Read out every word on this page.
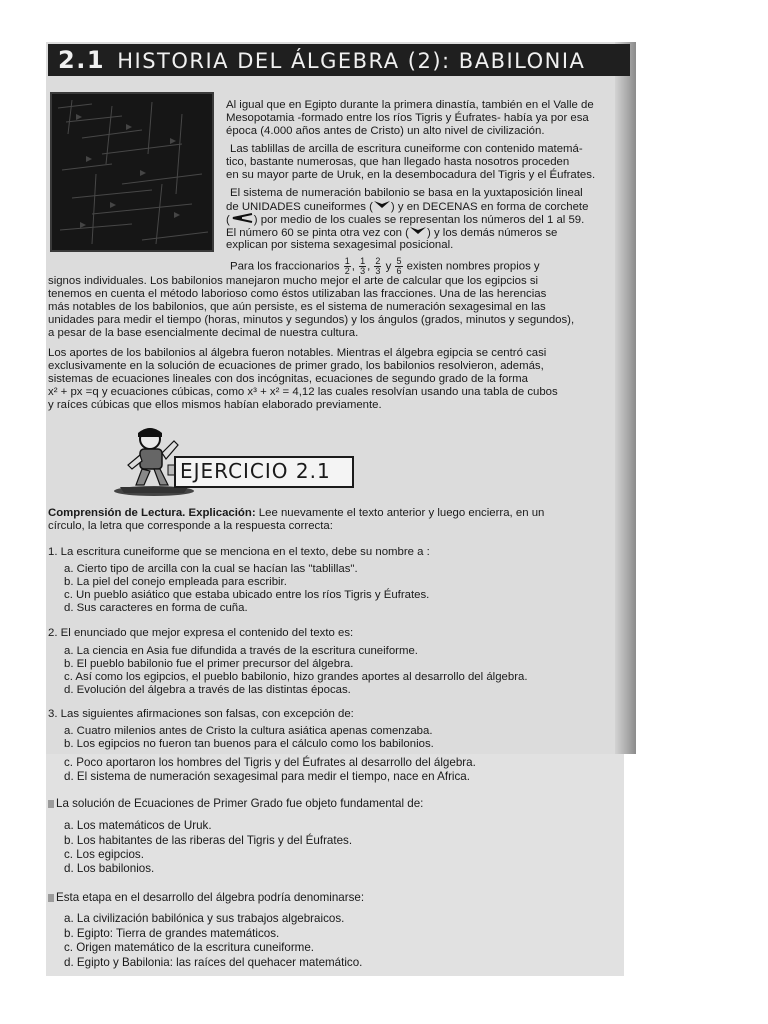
2.1 HISTORIA DEL ÁLGEBRA (2): BABILONIA
Al igual que en Egipto durante la primera dinastía, también en el Valle de
Mesopotamia -formado entre los ríos Tigris y Éufrates- había ya por esa
época (4.000 años antes de Cristo) un alto nivel de civilización.
Las tablillas de arcilla de escritura cuneiforme con contenido matemá-
tico, bastante numerosas, que han llegado hasta nosotros proceden
en su mayor parte de Uruk, en la desembocadura del Tigris y el Éufrates.
El sistema de numeración babilonio se basa en la yuxtaposición lineal
de UNIDADES cuneiformes ( ) y en DECENAS en forma de corchete
( ) por medio de los cuales se representan los números del 1 al 59.
El número 60 se pinta otra vez con ( ) y los demás números se
explican por sistema sexagesimal posicional.
Para los fraccionarios $\frac{1}{2}$ , $\frac{1}{3}$ , $\frac{2}{3}$ y $\frac{5}{6}$ existen nombres propios y
signos individuales. Los babilonios manejaron mucho mejor el arte de calcular que los egipcios si
tenemos en cuenta el método laborioso como éstos utilizaban las fracciones. Una de las herencias
más notables de los babilonios, que aún persiste, es el sistema de numeración sexagesimal en las
unidades para medir el tiempo (horas, minutos y segundos) y los ángulos (grados, minutos y segundos),
a pesar de la base esencialmente decimal de nuestra cultura.
Los aportes de los babilonios al álgebra fueron notables. Mientras el álgebra egipcia se centró casi
exclusivamente en la solución de ecuaciones de primer grado, los babilonios resolvieron, además,
sistemas de ecuaciones lineales con dos incógnitas, ecuaciones de segundo grado de la forma
x² + px =q y ecuaciones cúbicas, como x³ + x² = 4,12 las cuales resolvían usando una tabla de cubos
y raíces cúbicas que ellos mismos habían elaborado previamente.
EJERCICIO 2.1
Comprensión de Lectura. Explicación: Lee nuevamente el texto anterior y luego encierra, en un
círculo, la letra que corresponde a la respuesta correcta:
1. La escritura cuneiforme que se menciona en el texto, debe su nombre a :
a. Cierto tipo de arcilla con la cual se hacían las "tablillas".
b. La piel del conejo empleada para escribir.
c. Un pueblo asiático que estaba ubicado entre los ríos Tigris y Éufrates.
d. Sus caracteres en forma de cuña.
2. El enunciado que mejor expresa el contenido del texto es:
a. La ciencia en Asia fue difundida a través de la escritura cuneiforme.
b. El pueblo babilonio fue el primer precursor del álgebra.
c. Así como los egipcios, el pueblo babilonio, hizo grandes aportes al desarrollo del álgebra.
d. Evolución del álgebra a través de las distintas épocas.
3. Las siguientes afirmaciones son falsas, con excepción de:
a. Cuatro milenios antes de Cristo la cultura asiática apenas comenzaba.
b. Los egipcios no fueron tan buenos para el cálculo como los babilonios.
c. Poco aportaron los hombres del Tigris y del Éufrates al desarrollo del álgebra.
d. El sistema de numeración sexagesimal para medir el tiempo, nace en Africa.
La solución de Ecuaciones de Primer Grado fue objeto fundamental de:
a. Los matemáticos de Uruk.
b. Los habitantes de las riberas del Tigris y del Éufrates.
c. Los egipcios.
d. Los babilonios.
Esta etapa en el desarrollo del álgebra podría denominarse:
a. La civilización babilónica y sus trabajos algebraicos.
b. Egipto: Tierra de grandes matemáticos.
c. Origen matemático de la escritura cuneiforme.
d. Egipto y Babilonia: las raíces del quehacer matemático.
